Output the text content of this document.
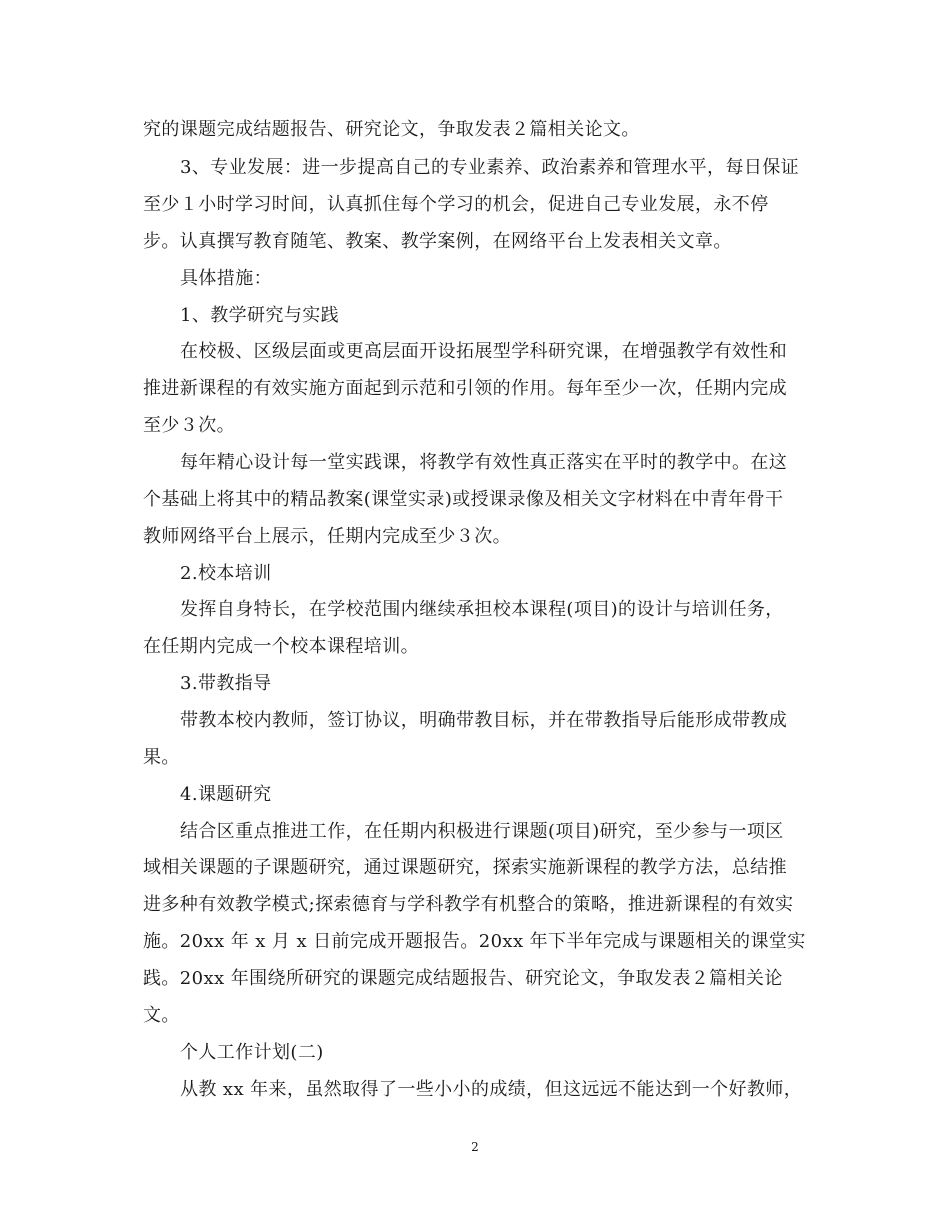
究的课题完成结题报告、研究论文，争取发表２篇相关论文。
3、专业发展：进一步提高自己的专业素养、政治素养和管理水平，每日保证
至少１小时学习时间，认真抓住每个学习的机会，促进自己专业发展，永不停
步。认真撰写教育随笔、教案、教学案例，在网络平台上发表相关文章。
具体措施：
1、教学研究与实践
在校极、区级层面或更高层面开设拓展型学科研究课，在增强教学有效性和
推进新课程的有效实施方面起到示范和引领的作用。每年至少一次，任期内完成
至少３次。
每年精心设计每一堂实践课，将教学有效性真正落实在平时的教学中。在这
个基础上将其中的精品教案(课堂实录)或授课录像及相关文字材料在中青年骨干
教师网络平台上展示，任期内完成至少３次。
2.校本培训
发挥自身特长，在学校范围内继续承担校本课程(项目)的设计与培训任务，
在任期内完成一个校本课程培训。
3.带教指导
带教本校内教师，签订协议，明确带教目标，并在带教指导后能形成带教成
果。
4.课题研究
结合区重点推进工作，在任期内积极进行课题(项目)研究，至少参与一项区
域相关课题的子课题研究，通过课题研究，探索实施新课程的教学方法，总结推
进多种有效教学模式;探索德育与学科教学有机整合的策略，推进新课程的有效实
施。20xx 年 x 月 x 日前完成开题报告。20xx 年下半年完成与课题相关的课堂实
践。20xx 年围绕所研究的课题完成结题报告、研究论文，争取发表２篇相关论
文。
个人工作计划(二)
从教 xx 年来，虽然取得了一些小小的成绩，但这远远不能达到一个好教师，
2
